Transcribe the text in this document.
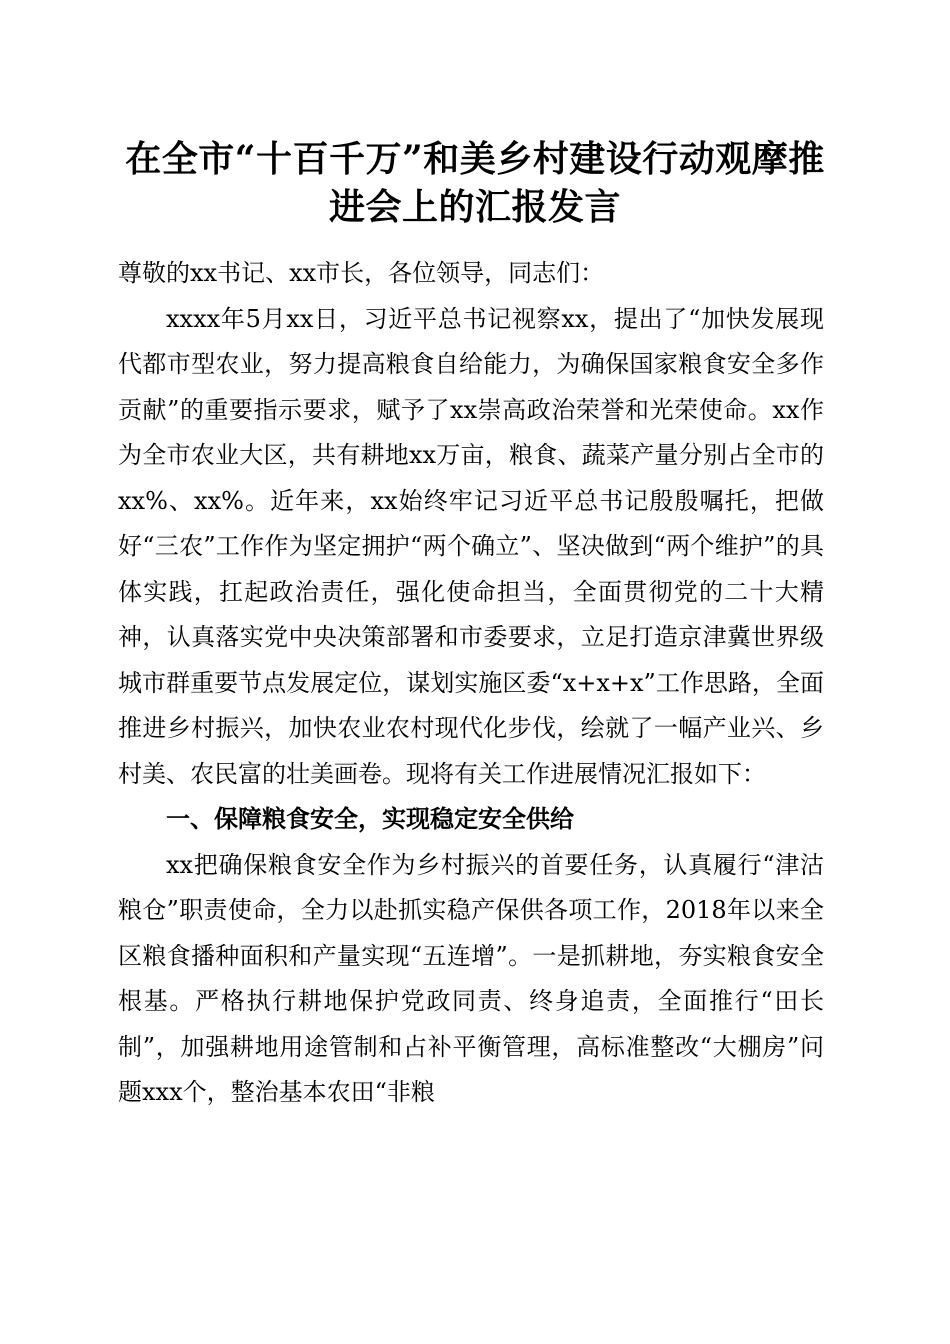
在全市“十百千万”和美乡村建设行动观摩推
进会上的汇报发言

尊敬的xx书记、xx市长，各位领导，同志们：

xxxx年5月xx日，习近平总书记视察xx，提出了“加快发展现代都市型农业，努力提高粮食自给能力，为确保国家粮食安全多作贡献”的重要指示要求，赋予了xx崇高政治荣誉和光荣使命。xx作为全市农业大区，共有耕地xx万亩，粮食、蔬菜产量分别占全市的xx%、xx%。近年来，xx始终牢记习近平总书记殷殷嘱托，把做好“三农”工作作为坚定拥护“两个确立”、坚决做到“两个维护”的具体实践，扛起政治责任，强化使命担当，全面贯彻党的二十大精神，认真落实党中央决策部署和市委要求，立足打造京津冀世界级城市群重要节点发展定位，谋划实施区委“x+x+x”工作思路，全面推进乡村振兴，加快农业农村现代化步伐，绘就了一幅产业兴、乡村美、农民富的壮美画卷。现将有关工作进展情况汇报如下：

一、保障粮食安全，实现稳定安全供给

xx把确保粮食安全作为乡村振兴的首要任务，认真履行“津沽粮仓”职责使命，全力以赴抓实稳产保供各项工作，2018年以来全区粮食播种面积和产量实现“五连增”。一是抓耕地，夯实粮食安全根基。严格执行耕地保护党政同责、终身追责，全面推行“田长制”，加强耕地用途管制和占补平衡管理，高标准整改“大棚房”问题xxx个，整治基本农田“非粮
